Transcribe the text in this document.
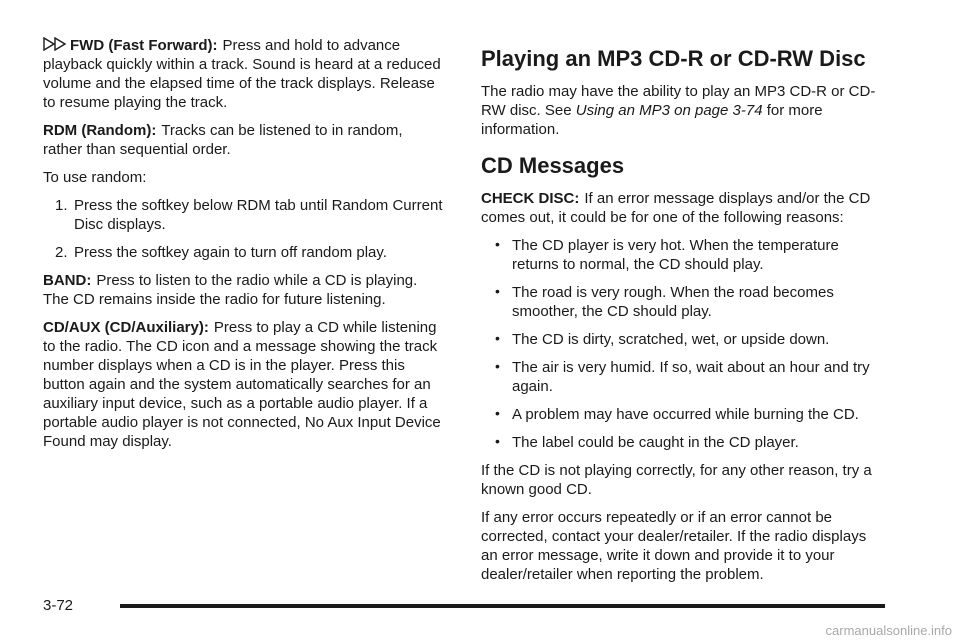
FWD (Fast Forward): Press and hold to advance playback quickly within a track. Sound is heard at a reduced volume and the elapsed time of the track displays. Release to resume playing the track.

RDM (Random): Tracks can be listened to in random, rather than sequential order.

To use random:

1. Press the softkey below RDM tab until Random Current Disc displays.
2. Press the softkey again to turn off random play.

BAND: Press to listen to the radio while a CD is playing. The CD remains inside the radio for future listening.

CD/AUX (CD/Auxiliary): Press to play a CD while listening to the radio. The CD icon and a message showing the track number displays when a CD is in the player. Press this button again and the system automatically searches for an auxiliary input device, such as a portable audio player. If a portable audio player is not connected, No Aux Input Device Found may display.

Playing an MP3 CD-R or CD-RW Disc

The radio may have the ability to play an MP3 CD-R or CD-RW disc. See Using an MP3 on page 3-74 for more information.

CD Messages

CHECK DISC: If an error message displays and/or the CD comes out, it could be for one of the following reasons:

• The CD player is very hot. When the temperature returns to normal, the CD should play.
• The road is very rough. When the road becomes smoother, the CD should play.
• The CD is dirty, scratched, wet, or upside down.
• The air is very humid. If so, wait about an hour and try again.
• A problem may have occurred while burning the CD.
• The label could be caught in the CD player.

If the CD is not playing correctly, for any other reason, try a known good CD.

If any error occurs repeatedly or if an error cannot be corrected, contact your dealer/retailer. If the radio displays an error message, write it down and provide it to your dealer/retailer when reporting the problem.

3-72
carmanualsonline.info
